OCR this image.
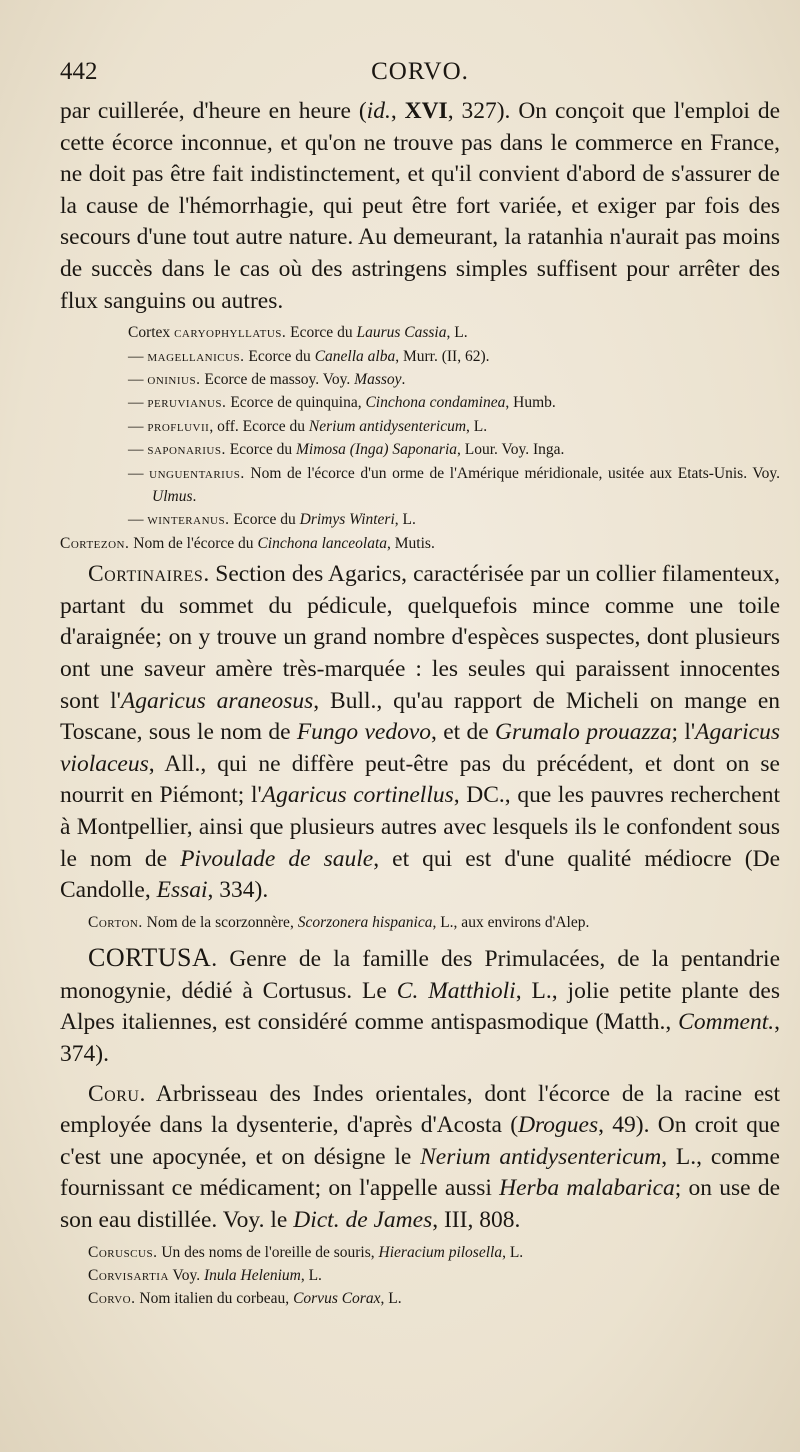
442	CORVO.

par cuillerée, d'heure en heure (id., XVI, 327). On conçoit que l'emploi de cette écorce inconnue, et qu'on ne trouve pas dans le commerce en France, ne doit pas être fait indistinctement, et qu'il convient d'abord de s'assurer de la cause de l'hémorrhagie, qui peut être fort variée, et exiger par fois des secours d'une tout autre nature. Au demeurant, la ratanhia n'aurait pas moins de succès dans le cas où des astringens simples suffisent pour arrêter des flux sanguins ou autres.

Cortex caryophyllatus. Ecorce du Laurus Cassia, L.

— magellanicus. Ecorce du Canella alba, Murr. (II, 62).

— oninius. Ecorce de massoy. Voy. Massoy.

— peruvianus. Ecorce de quinquina, Cinchona condaminea, Humb.

— profluvii, off. Ecorce du Nerium antidysentericum, L.

— saponarius. Ecorce du Mimosa (Inga) Saponaria, Lour. Voy. Inga.

— unguentarius. Nom de l'écorce d'un orme de l'Amérique méridionale, usitée aux Etats-Unis. Voy. Ulmus.

— winteranus. Ecorce du Drimys Winteri, L.

Cortezon. Nom de l'écorce du Cinchona lanceolata, Mutis.

Cortinaires. Section des Agarics, caractérisée par un collier filamenteux, partant du sommet du pédicule, quelquefois mince comme une toile d'araignée; on y trouve un grand nombre d'espèces suspectes, dont plusieurs ont une saveur amère très-marquée : les seules qui paraissent innocentes sont l'Agaricus araneosus, Bull., qu'au rapport de Micheli on mange en Toscane, sous le nom de Fungo vedovo, et de Grumalo prouazza; l'Agaricus violaceus, All., qui ne diffère peut-être pas du précédent, et dont on se nourrit en Piémont; l'Agaricus cortinellus, DC., que les pauvres recherchent à Montpellier, ainsi que plusieurs autres avec lesquels ils le confondent sous le nom de Pivoulade de saule, et qui est d'une qualité médiocre (De Candolle, Essai, 334).

Corton. Nom de la scorzonnère, Scorzonera hispanica, L., aux environs d'Alep.

CORTUSA. Genre de la famille des Primulacées, de la pentandrie monogynie, dédié à Cortusus. Le C. Matthioli, L., jolie petite plante des Alpes italiennes, est considéré comme antispasmodique (Matth., Comment., 374).

Coru. Arbrisseau des Indes orientales, dont l'écorce de la racine est employée dans la dysenterie, d'après d'Acosta (Drogues, 49). On croit que c'est une apocynée, et on désigne le Nerium antidysentericum, L., comme fournissant ce médicament; on l'appelle aussi Herba malabarica; on use de son eau distillée. Voy. le Dict. de James, III, 808.

Coruscus. Un des noms de l'oreille de souris, Hieracium pilosella, L.

Corvisartia Voy. Inula Helenium, L.

Corvo. Nom italien du corbeau, Corvus Corax, L.
